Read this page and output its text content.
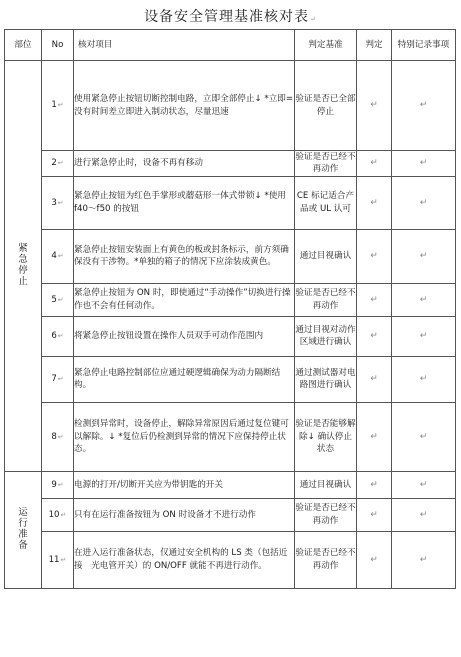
设备安全管理基准核对表↵
部位	No	核对项目	判定基准	判定	特别记录事项
紧急停止	1↵	使用紧急停止按钮切断控制电路，立即全部停止↓ *立即=没有时间差立即进入制动状态，尽量迅速	验证是否已全部停止	↵	↵
	2↵	进行紧急停止时，设备不再有移动	验证是否已经不再动作	↵	↵
	3↵	紧急停止按钮为红色手掌形或蘑菇形一体式带锁↓ *使用 f40～f50 的按钮	CE 标记适合产品或 UL 认可	↵	↵
	4↵	紧急停止按钮安装面上有黄色的板或封条标示，前方须确保没有干涉物。*单独的箱子的情况下应涂装成黄色。	通过目视确认	↵	↵
	5↵	紧急停止按钮为 ON 时，即使通过“手动操作”切换进行操作也不会有任何动作。	验证是否已经不再动作	↵	↵
	6↵	将紧急停止按钮设置在操作人员双手可动作范围内	通过目视对动作区域进行确认	↵	↵
	7↵	紧急停止电路控制部位应通过硬逻辑确保为动力隔断结构。	通过测试器对电路图进行确认	↵	↵
	8↵	检测到异常时，设备停止，解除异常原因后通过复位键可以解除。↓ *复位后仍检测到异常的情况下应保持停止状态。	验证是否能够解除↓ 确认停止状态	↵	↵
运行准备	9↵	电源的打开/切断开关应为带钥匙的开关	通过目视确认	↵	↵
	10↵	只有在运行准备按钮为 ON 时设备才不进行动作	验证是否已经不再动作	↵	↵
	11↵	在进入运行准备状态，仅通过安全机构的 LS 类（包括近接　光电管开关）的 ON/OFF 就能不再进行动作。	验证是否已经不再动作	↵	↵
